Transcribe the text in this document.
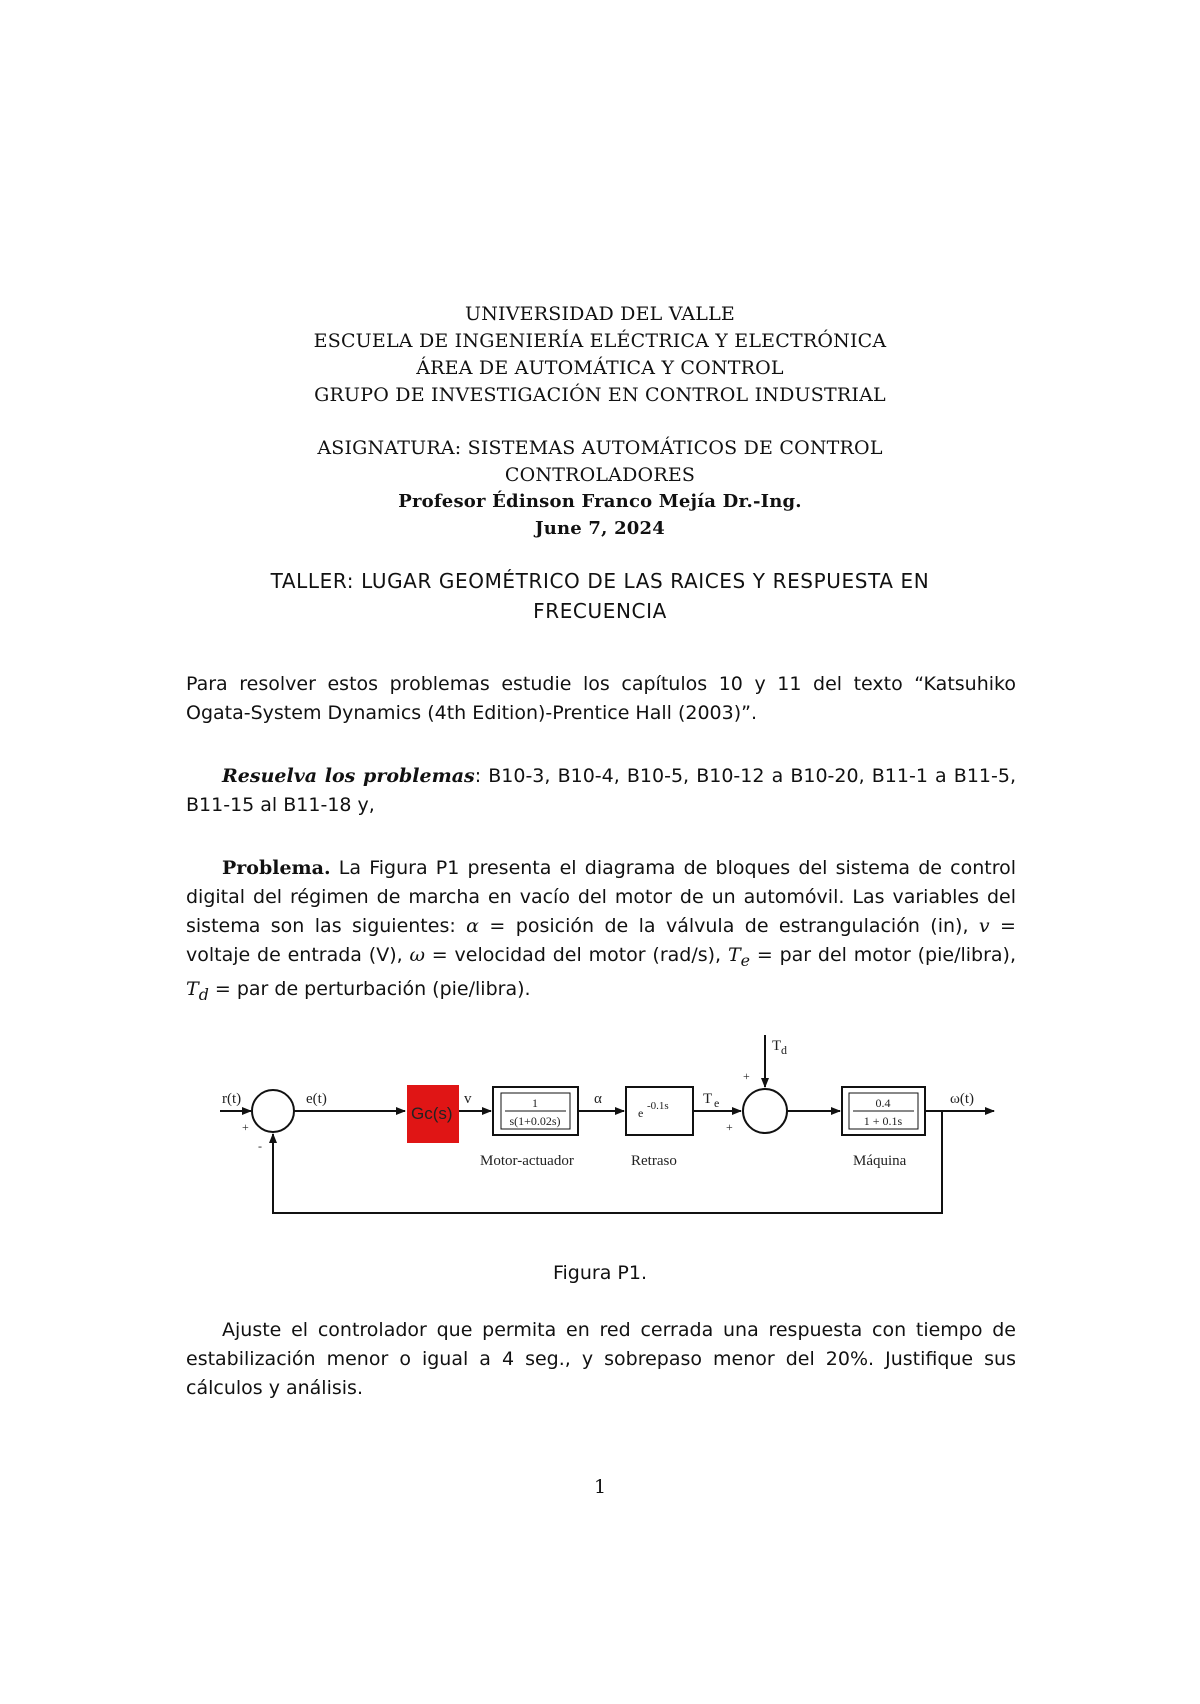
UNIVERSIDAD DEL VALLE
ESCUELA DE INGENIERÍA ELÉCTRICA Y ELECTRÓNICA
ÁREA DE AUTOMÁTICA Y CONTROL
GRUPO DE INVESTIGACIÓN EN CONTROL INDUSTRIAL
ASIGNATURA: SISTEMAS AUTOMÁTICOS DE CONTROL
CONTROLADORES
Profesor Édinson Franco Mejía Dr.-Ing.
June 7, 2024
TALLER: LUGAR GEOMÉTRICO DE LAS RAICES Y RESPUESTA EN
FRECUENCIA
Para resolver estos problemas estudie los capítulos 10 y 11 del texto “Katsuhiko Ogata-System Dynamics (4th Edition)-Prentice Hall (2003)”.
Resuelva los problemas: B10-3, B10-4, B10-5, B10-12 a B10-20, B11-1 a B11-5, B11-15 al B11-18 y,
Problema. La Figura P1 presenta el diagrama de bloques del sistema de control digital del régimen de marcha en vacío del motor de un automóvil. Las variables del sistema son las siguientes: α = posición de la válvula de estrangulación (in), v = voltaje de entrada (V), ω = velocidad del motor (rad/s), $T_e$ = par del motor (pie/libra), $T_d$ = par de perturbación (pie/libra).
r(t)
+
-
e(t)
Gc(s)
v	1
s(1+0.02s)
Motor-actuador
α
e -0.1s
Retraso
T e
+
T d
+
0.4
1 + 0.1s
Máquina
ω(t)
Figura P1.
Ajuste el controlador que permita en red cerrada una respuesta con tiempo de estabilización menor o igual a 4 seg., y sobrepaso menor del 20%. Justifique sus cálculos y análisis.
1
